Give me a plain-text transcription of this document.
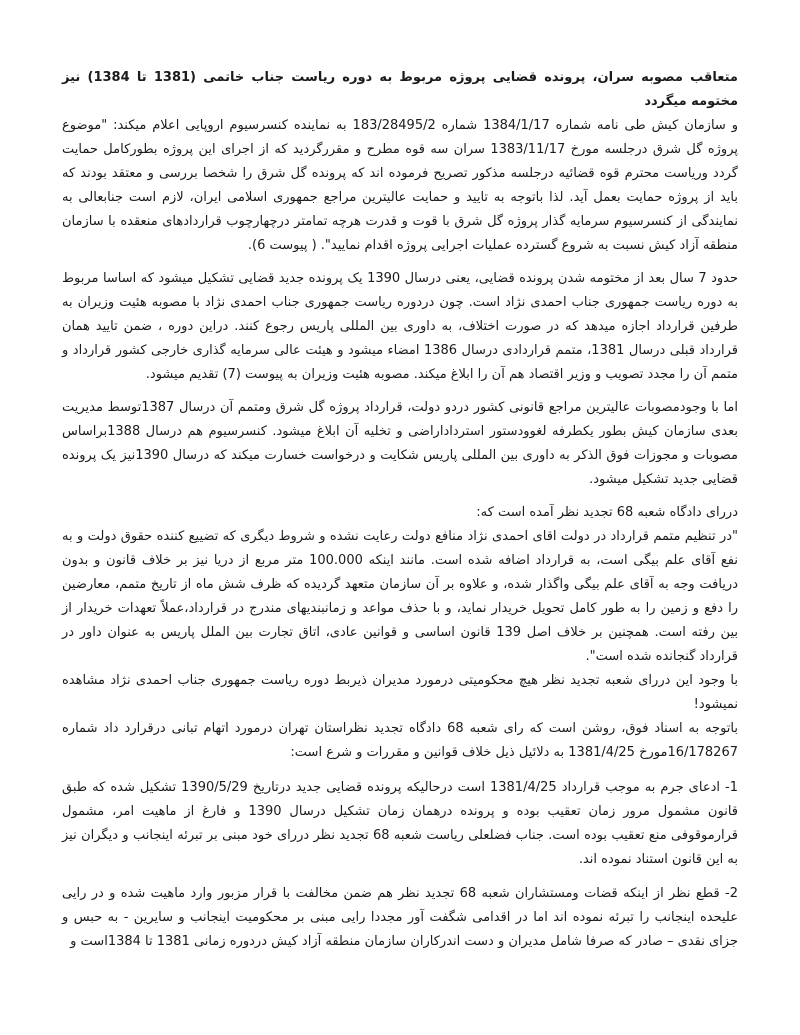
متعاقب مصوبه سران، پرونده قضایی پروژه مربوط به دوره ریاست جناب خاتمی (1381 تا 1384) نیز مختومه میگردد

و سازمان کیش طی نامه شماره 1384/1/17 شماره 183/28495/2 به نماینده کنسرسیوم اروپایی اعلام میکند: "موضوع پروژه گل شرق درجلسه مورخ 1383/11/17 سران سه قوه مطرح و مقررگردید که از اجرای این پروژه بطورکامل حمایت گردد وریاست محترم قوه قضائیه درجلسه مذکور تصریح فرموده اند که پرونده گل شرق را شخصا بررسی و معتقد بودند که باید از پروژه حمایت بعمل آید. لذا باتوجه به تایید و حمایت عالیترین مراجع جمهوری اسلامی ایران، لازم است جنابعالی به نمایندگی از کنسرسیوم سرمایه گذار پروژه گل شرق با قوت و قدرت هرچه تمامتر درچهارچوب قراردادهای منعقده با سازمان منطقه آزاد کیش نسبت به شروع گسترده عملیات اجرایی پروژه اقدام نمایید". ( پیوست 6).

حدود 7 سال بعد از مختومه شدن پرونده قضایی، یعنی درسال 1390 یک پرونده جدید قضایی تشکیل میشود که اساسا مربوط به دوره ریاست جمهوری جناب احمدی نژاد است. چون دردوره ریاست جمهوری جناب احمدی نژاد با مصوبه هئیت وزیران به طرفین قرارداد اجازه میدهد که در صورت اختلاف، به داوری بین المللی پاریس رجوع کنند. دراین دوره ، ضمن تایید همان قرارداد قبلی درسال 1381، متمم قراردادی درسال 1386 امضاء میشود و هیئت عالی سرمایه گذاری خارجی کشور قرارداد و متمم آن را مجدد تصویب و وزیر اقتصاد هم آن را ابلاغ میکند. مصوبه هئیت وزیران به پیوست (7) تقدیم میشود.

اما با وجودمصوبات عالیترین مراجع قانونی کشور دردو دولت، قرارداد پروژه گل شرق ومتمم آن درسال 1387توسط مدیریت بعدی سازمان کیش بطور یکطرفه لغوودستور استرداداراضی و تخلیه آن ابلاغ میشود. کنسرسیوم هم درسال 1388براساس مصوبات و مجوزات فوق الذکر به داوری بین المللی پاریس شکایت و درخواست خسارت میکند که درسال 1390نیز یک پرونده قضایی جدید تشکیل میشود.

دررای دادگاه شعبه 68 تجدید نظر آمده است که:

"در تنظیم متمم قرارداد در دولت اقای احمدی نژاد منافع دولت رعایت نشده و شروط دیگری که تضییع کننده حقوق دولت و به نفع آقای علم بیگی است، به قرارداد اضافه شده است. مانند اینکه 100.000 متر مربع از دریا نیز بر خلاف قانون و بدون دریافت وجه به آقای علم بیگی واگذار شده، و علاوه بر آن سازمان متعهد گردیده که ظرف شش ماه از تاریخ متمم، معارضین را دفع و زمین را به طور کامل تحویل خریدار نماید، و با حذف مواعد و زمانبندیهای مندرج در قرارداد،عملاً تعهدات خریدار از بین رفته است. همچنین بر خلاف اصل 139 قانون اساسی و قوانین عادی، اتاق تجارت بین الملل پاریس به عنوان داور در قرارداد گنجانده شده است".

با وجود این دررای شعبه تجدید نظر هیچ محکومیتی درمورد مدیران ذیربط دوره ریاست جمهوری جناب احمدی نژاد مشاهده نمیشود!

باتوجه به اسناد فوق، روشن است که رای شعبه 68 دادگاه تجدید نظراستان تهران درمورد اتهام تبانی درقرارد داد شماره 16/178267مورخ 1381/4/25 به دلائیل ذیل خلاف قوانین و مقررات و شرع است:

1- ادعای جرم به موجب قرارداد 1381/4/25 است درحالیکه پرونده قضایی جدید درتاریخ 1390/5/29 تشکیل شده که طبق قانون مشمول مرور زمان تعقیب بوده و پرونده درهمان زمان تشکیل درسال 1390 و فارغ از ماهیت امر، مشمول قرارموقوفی منع تعقیب بوده است. جناب فضلعلی ریاست شعبه 68 تجدید نظر دررای خود مبنی بر تبرئه اینجانب و دیگران نیز به این قانون استناد نموده اند.

2- قطع نظر از اینکه قضات ومستشاران شعبه 68 تجدید نظر هم ضمن مخالفت با قرار مزبور وارد ماهیت شده و در رایی علیحده اینجانب را تبرئه نموده اند اما در اقدامی شگفت آور مجددا رایی مبنی بر محکومیت اینجانب و سایرین - به حبس و جزای نقدی – صادر که صرفا شامل مدیران و دست اندرکاران سازمان منطقه آزاد کیش دردوره زمانی 1381 تا 1384است و
